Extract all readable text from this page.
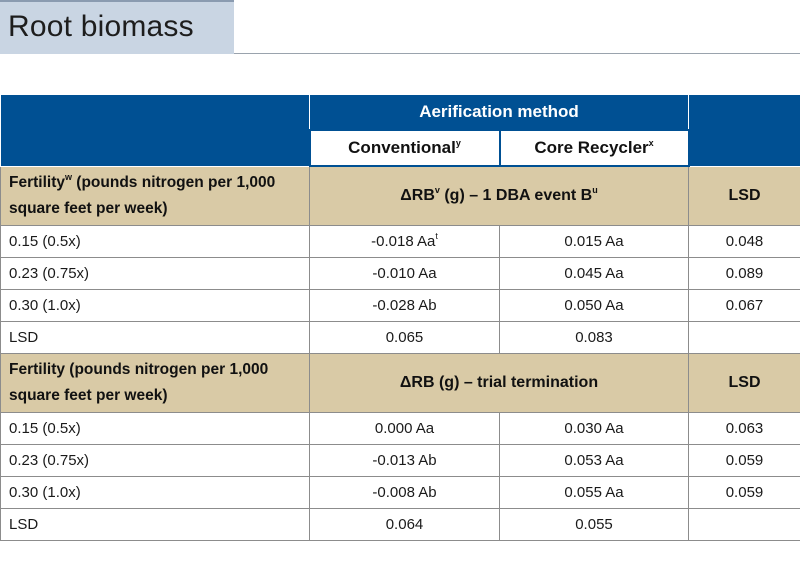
Root biomass
	Aerification method		
	Conventional$^y$	Core Recycler$^x$
Fertility$^w$ (pounds nitrogen per 1,000 square feet per week)	ΔRB$^v$ (g) – 1 DBA event $B^u$		LSD
0.15 (0.5x)	-0.018 Aa$^t$	0.015 Aa	0.048
0.23 (0.75x)	-0.010 Aa	0.045 Aa	0.089
0.30 (1.0x)	-0.028 Ab	0.050 Aa	0.067
LSD	0.065	0.083	
Fertility (pounds nitrogen per 1,000 square feet per week)	ΔRB (g) – trial termination		LSD
0.15 (0.5x)	0.000 Aa	0.030 Aa	0.063
0.23 (0.75x)	-0.013 Ab	0.053 Aa	0.059
0.30 (1.0x)	-0.008 Ab	0.055 Aa	0.059
LSD	0.064	0.055	
